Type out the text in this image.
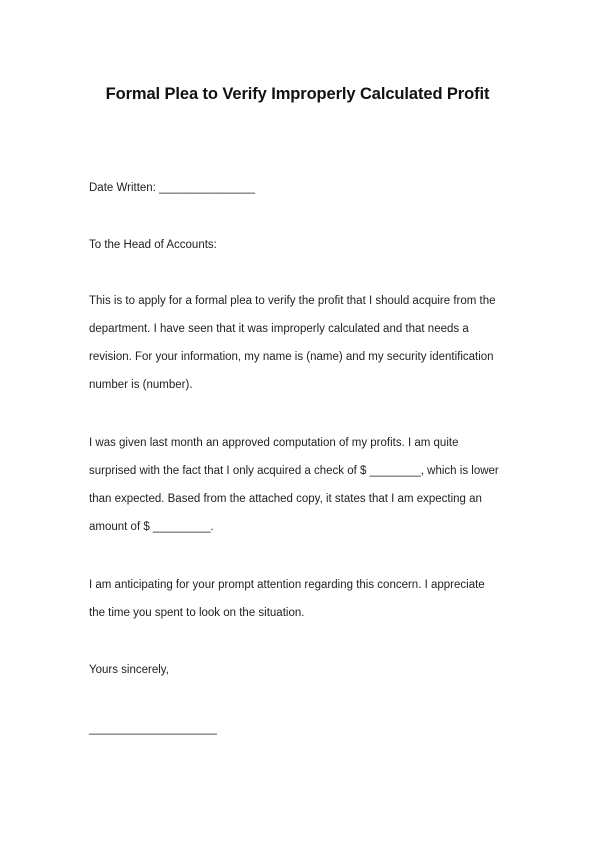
Formal Plea to Verify Improperly Calculated Profit

Date Written: _______________

To the Head of Accounts:

This is to apply for a formal plea to verify the profit that I should acquire from the

department. I have seen that it was improperly calculated and that needs a

revision. For your information, my name is (name) and my security identification

number is (number).

I was given last month an approved computation of my profits. I am quite

surprised with the fact that I only acquired a check of $ ________, which is lower

than expected. Based from the attached copy, it states that I am expecting an

amount of $ _________.

I am anticipating for your prompt attention regarding this concern. I appreciate

the time you spent to look on the situation.

Yours sincerely,

____________________
